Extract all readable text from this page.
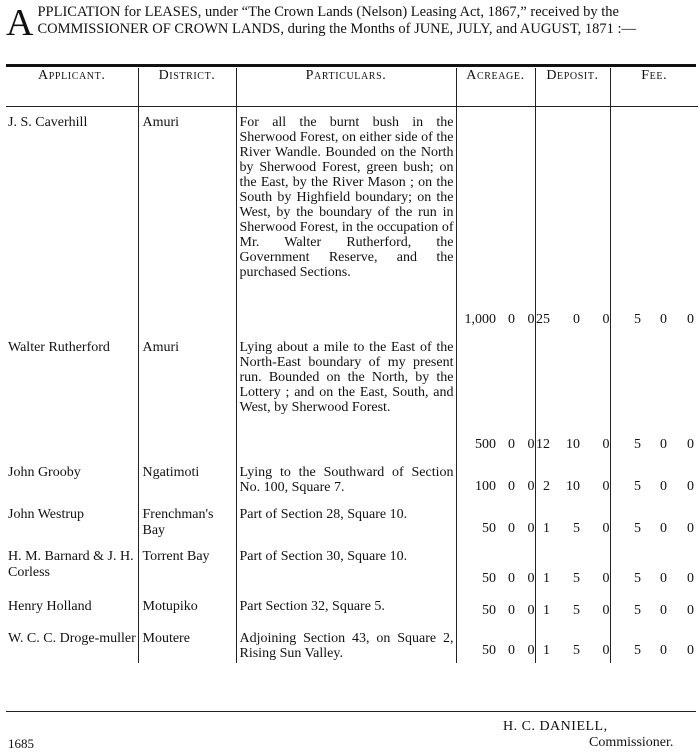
APPLICATION for LEASES, under “The Crown Lands (Nelson) Leasing Act, 1867,” received by the COMMISSIONER OF CROWN LANDS, during the Months of JUNE, JULY, and AUGUST, 1871 :—
Applicant.	District.	Particulars.	Acreage.			Deposit.			Fee.		
J. S. Caverhill	Amuri	For all the burnt bush in the Sherwood Forest, on either side of the River Wandle. Bounded on the North by Sherwood Forest, green bush; on the East, by the River Mason ; on the South by Highfield boundary; on the West, by the boundary of the run in Sherwood Forest, in the occupation of Mr. Walter Rutherford, the Government Reserve, and the purchased Sections.	1,000	0	0	25	0	0	5	0	0
Walter Rutherford	Amuri	Lying about a mile to the East of the North-East boundary of my present run. Bounded on the North, by the Lottery ; and on the East, South, and West, by Sherwood Forest.	500	0	0	12	10	0	5	0	0
John Grooby	Ngatimoti	Lying to the Southward of Section No. 100, Square 7.	100	0	0	2	10	0	5	0	0
John Westrup	Frenchman's Bay	Part of Section 28, Square 10.	50	0	0	1	5	0	5	0	0
H. M. Barnard & J. H. Corless	Torrent Bay	Part of Section 30, Square 10.	50	0	0	1	5	0	5	0	0
Henry Holland	Motupiko	Part Section 32, Square 5.	50	0	0	1	5	0	5	0	0
W. C. C. Droge-muller	Moutere	Adjoining Section 43, on Square 2, Rising Sun Valley.	50	0	0	1	5	0	5	0	0
1685
H. C. DANIELL,
Commissioner.
